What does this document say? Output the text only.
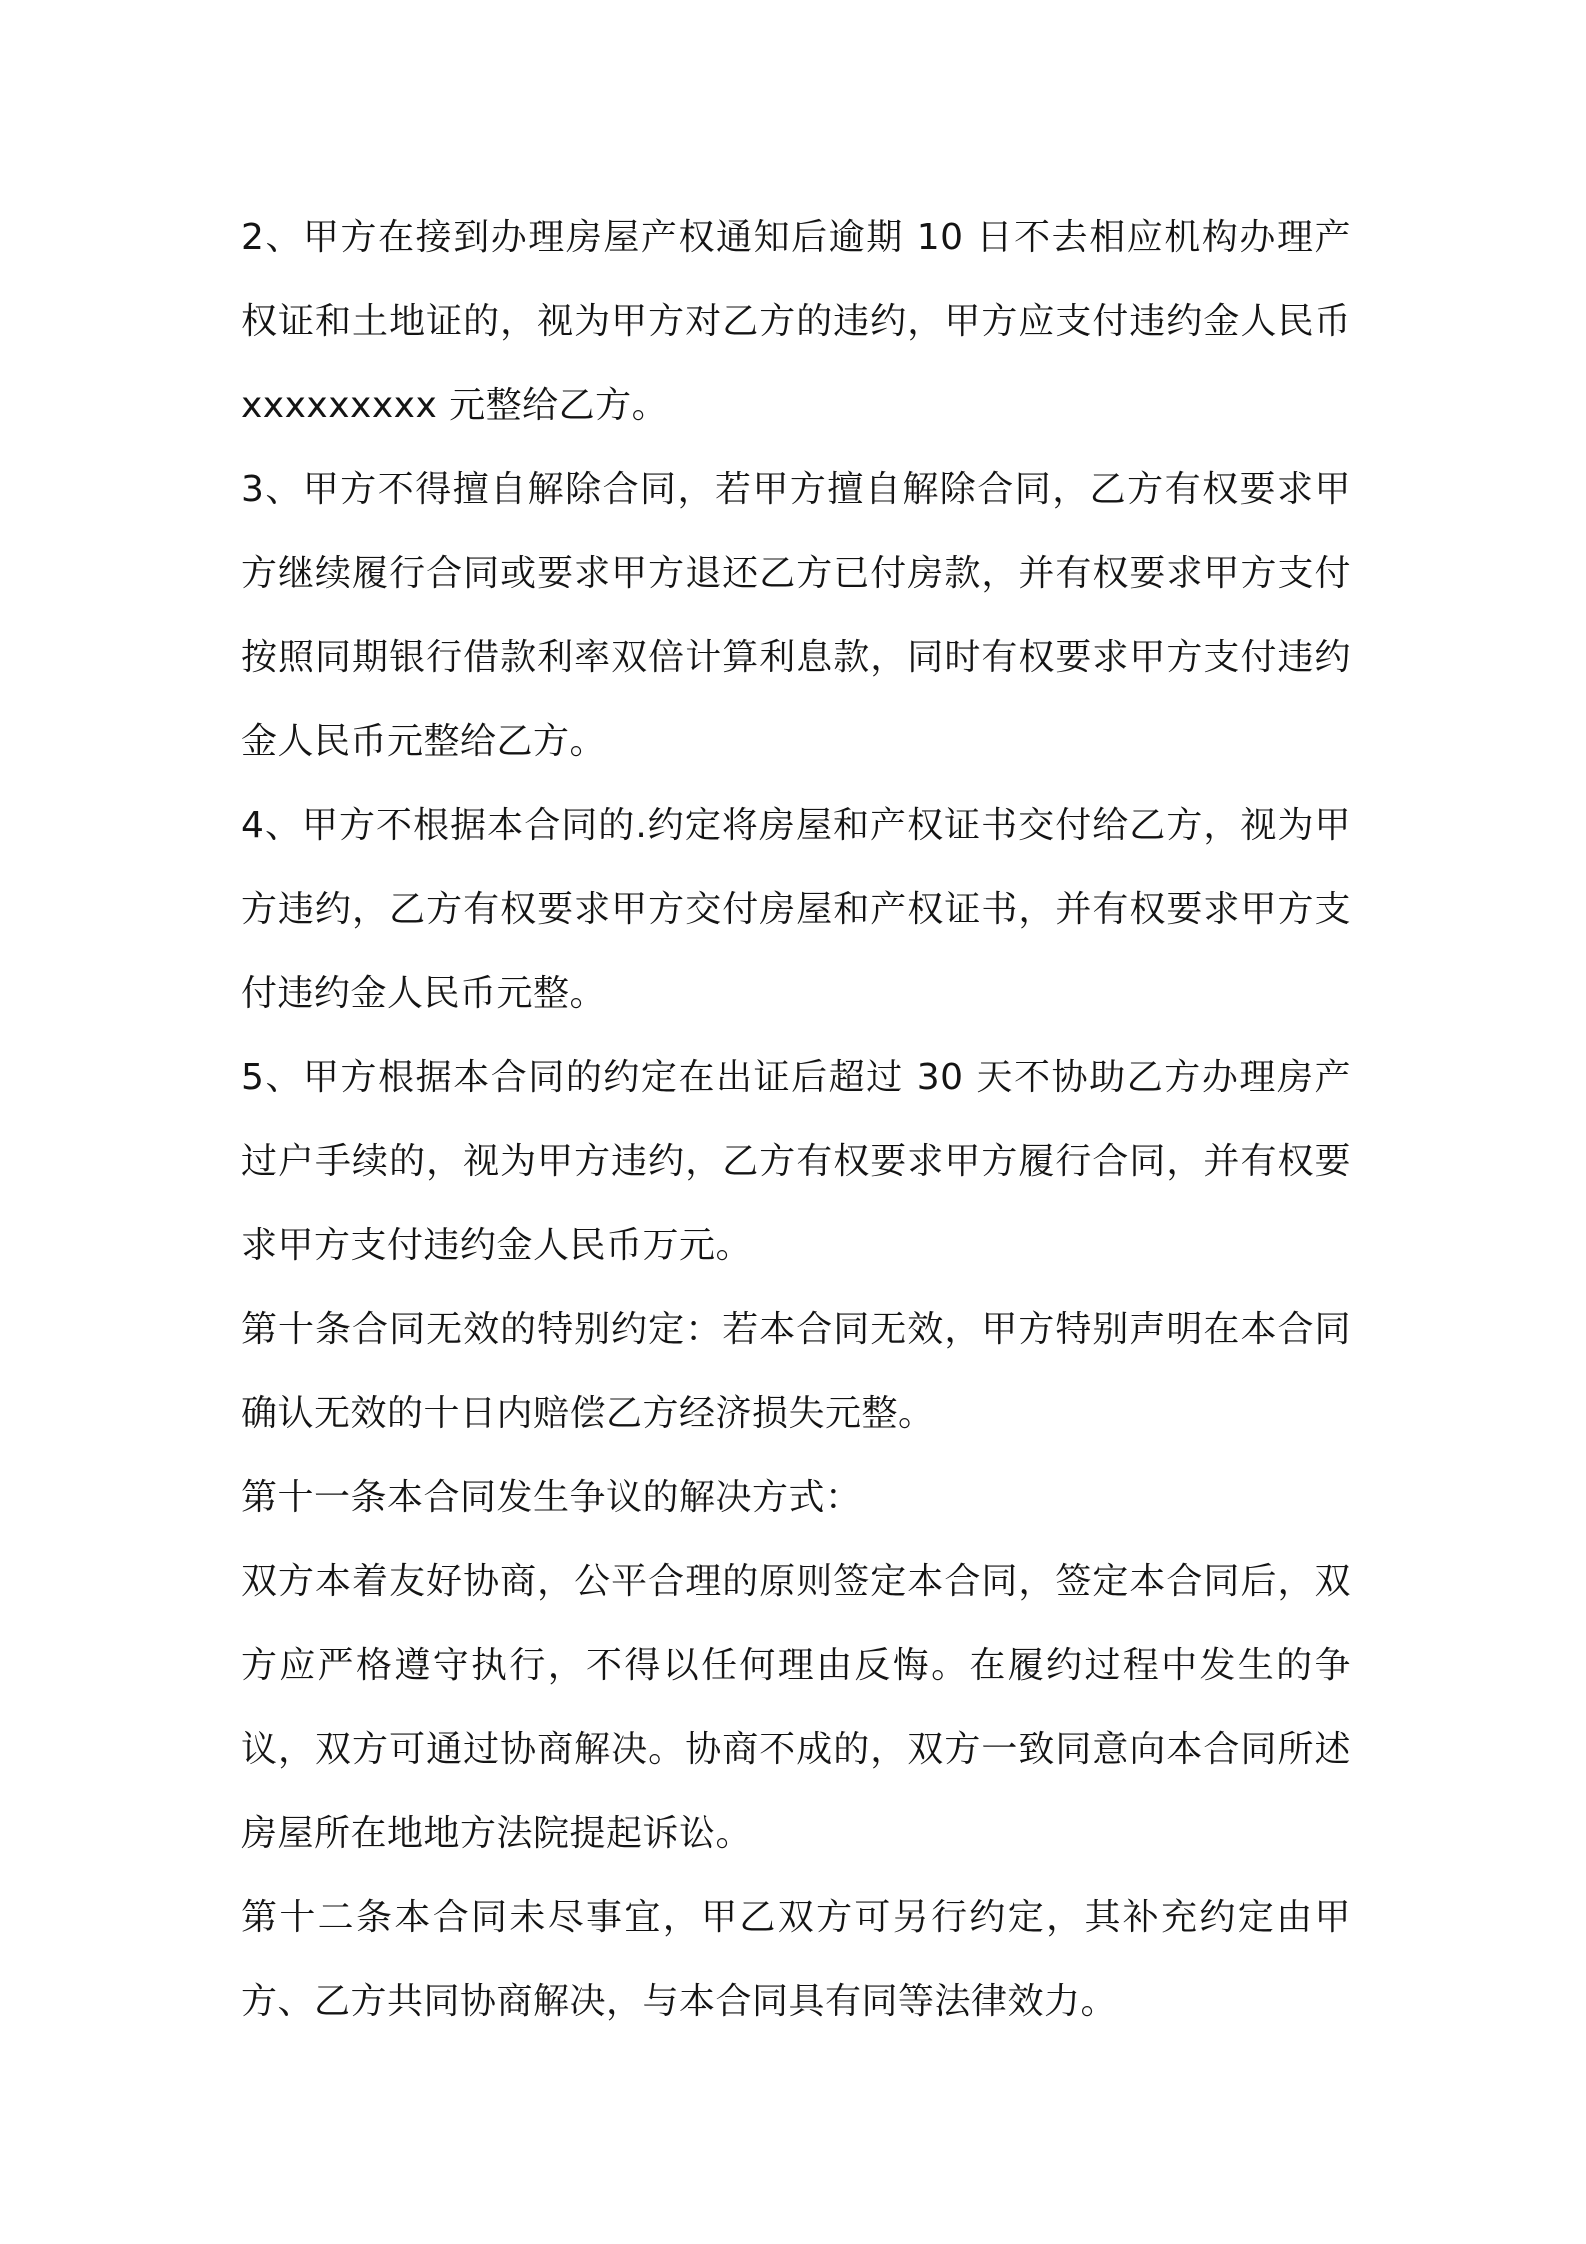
2、甲方在接到办理房屋产权通知后逾期 10 日不去相应机构办理产权证和土地证的，视为甲方对乙方的违约，甲方应支付违约金人民币 xxxxxxxxx 元整给乙方。

3、甲方不得擅自解除合同，若甲方擅自解除合同，乙方有权要求甲方继续履行合同或要求甲方退还乙方已付房款，并有权要求甲方支付按照同期银行借款利率双倍计算利息款，同时有权要求甲方支付违约金人民币元整给乙方。

4、甲方不根据本合同的.约定将房屋和产权证书交付给乙方，视为甲方违约，乙方有权要求甲方交付房屋和产权证书，并有权要求甲方支付违约金人民币元整。

5、甲方根据本合同的约定在出证后超过 30 天不协助乙方办理房产过户手续的，视为甲方违约，乙方有权要求甲方履行合同，并有权要求甲方支付违约金人民币万元。

第十条合同无效的特别约定：若本合同无效，甲方特别声明在本合同确认无效的十日内赔偿乙方经济损失元整。

第十一条本合同发生争议的解决方式：

双方本着友好协商，公平合理的原则签定本合同，签定本合同后，双方应严格遵守执行，不得以任何理由反悔。在履约过程中发生的争议，双方可通过协商解决。协商不成的，双方一致同意向本合同所述房屋所在地地方法院提起诉讼。

第十二条本合同未尽事宜，甲乙双方可另行约定，其补充约定由甲方、乙方共同协商解决，与本合同具有同等法律效力。
